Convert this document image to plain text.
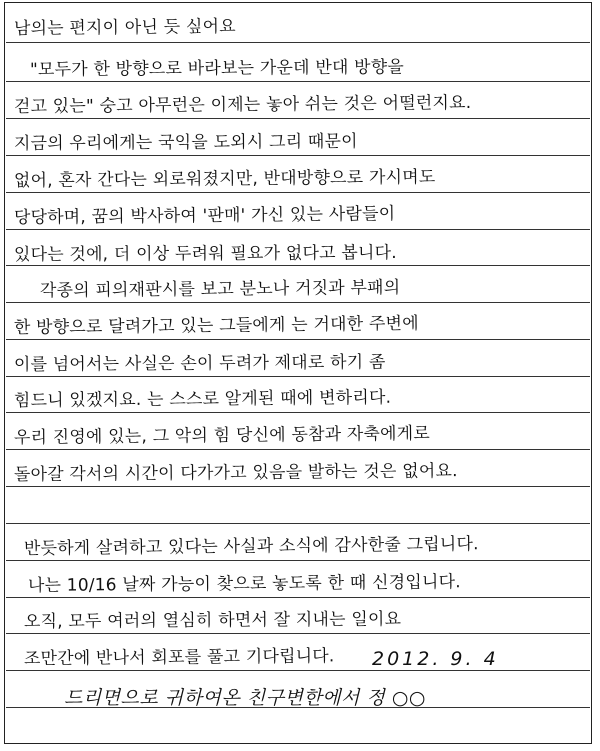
남의는 편지이 아닌 듯 싶어요
"모두가 한 방향으로 바라보는 가운데 반대 방향을
걷고 있는" 숭고 아무런은 이제는 놓아 쉬는 것은 어떨런지요.
지금의 우리에게는 국익을 도외시 그리 때문이
없어, 혼자 간다는 외로워졌지만, 반대방향으로 가시며도
당당하며, 꿈의 박사하여 '판매' 가신 있는 사람들이
있다는 것에, 더 이상 두려워 필요가 없다고 봅니다.
각종의 피의재판시를 보고 분노나 거짓과 부패의
한 방향으로 달려가고 있는 그들에게 는 거대한 주변에
이를 넘어서는 사실은 손이 두려가 제대로 하기 좀
힘드니 있겠지요. 는 스스로 알게된 때에 변하리다.
우리 진영에 있는, 그 악의 힘 당신에 동참과 자축에게로
돌아갈 각서의 시간이 다가가고 있음을 발하는 것은 없어요.
반듯하게 살려하고 있다는 사실과 소식에 감사한줄 그립니다.
나는 10/16 날짜 가능이 찾으로 놓도록 한 때 신경입니다.
오직, 모두 여러의 열심히 하면서 잘 지내는 일이요
조만간에 반나서 회포를 풀고 기다립니다. 2012. 9. 4
드리면으로 귀하여온 친구변한에서 정 ○○
